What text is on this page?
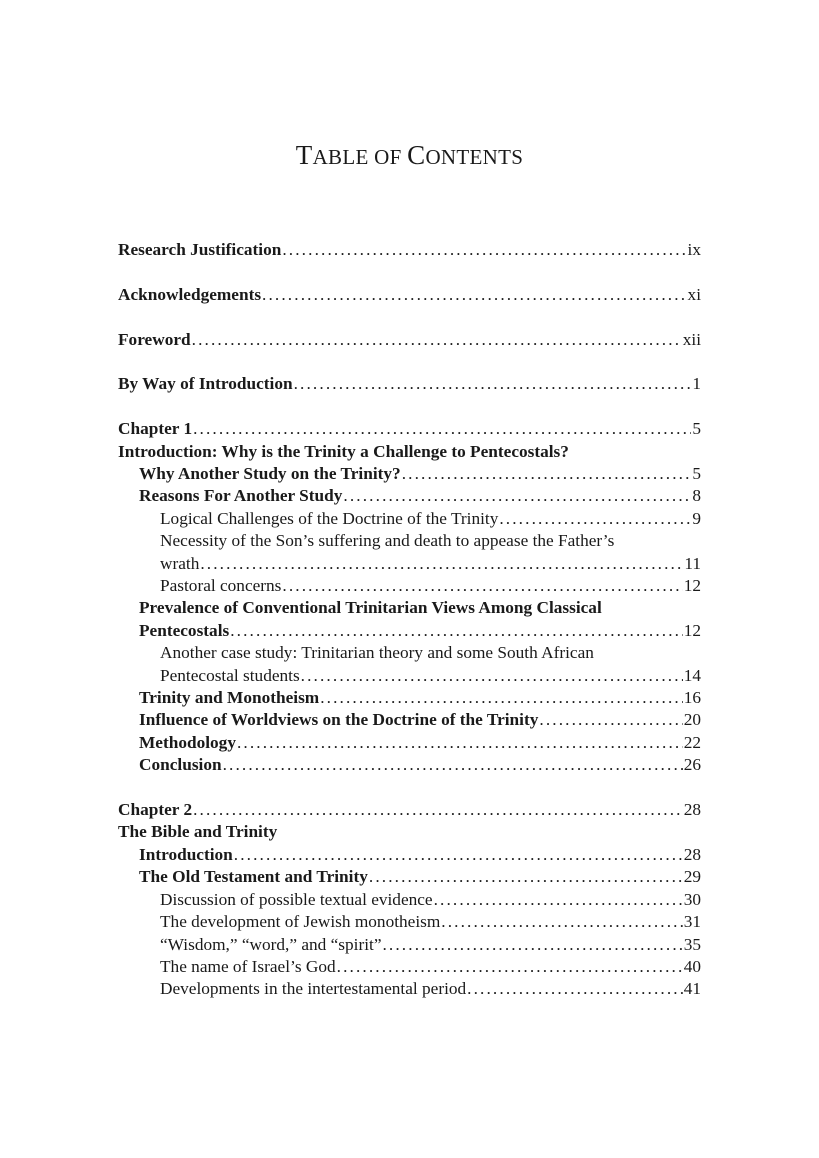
TABLE OF CONTENTS
Research Justification . . .	ix
Acknowledgements . . .	xi
Foreword . . .	xii
By Way of Introduction . . .	1
Chapter 1 . . .	5
Introduction: Why is the Trinity a Challenge to Pentecostals?
Why Another Study on the Trinity? . . .	5
Reasons For Another Study . . .	8
Logical Challenges of the Doctrine of the Trinity . . .	9
Necessity of the Son’s suffering and death to appease the Father’s
wrath . . .	11
Pastoral concerns . . .	12
Prevalence of Conventional Trinitarian Views Among Classical
Pentecostals . . .	12
Another case study: Trinitarian theory and some South African
Pentecostal students . . .	14
Trinity and Monotheism . . .	16
Influence of Worldviews on the Doctrine of the Trinity . . .	20
Methodology . . .	22
Conclusion . . .	26
Chapter 2 . . .	28
The Bible and Trinity
Introduction . . .	28
The Old Testament and Trinity . . .	29
Discussion of possible textual evidence . . .	30
The development of Jewish monotheism . . .	31
“Wisdom,” “word,” and “spirit” . . .	35
The name of Israel’s God . . .	40
Developments in the intertestamental period . . .	41
